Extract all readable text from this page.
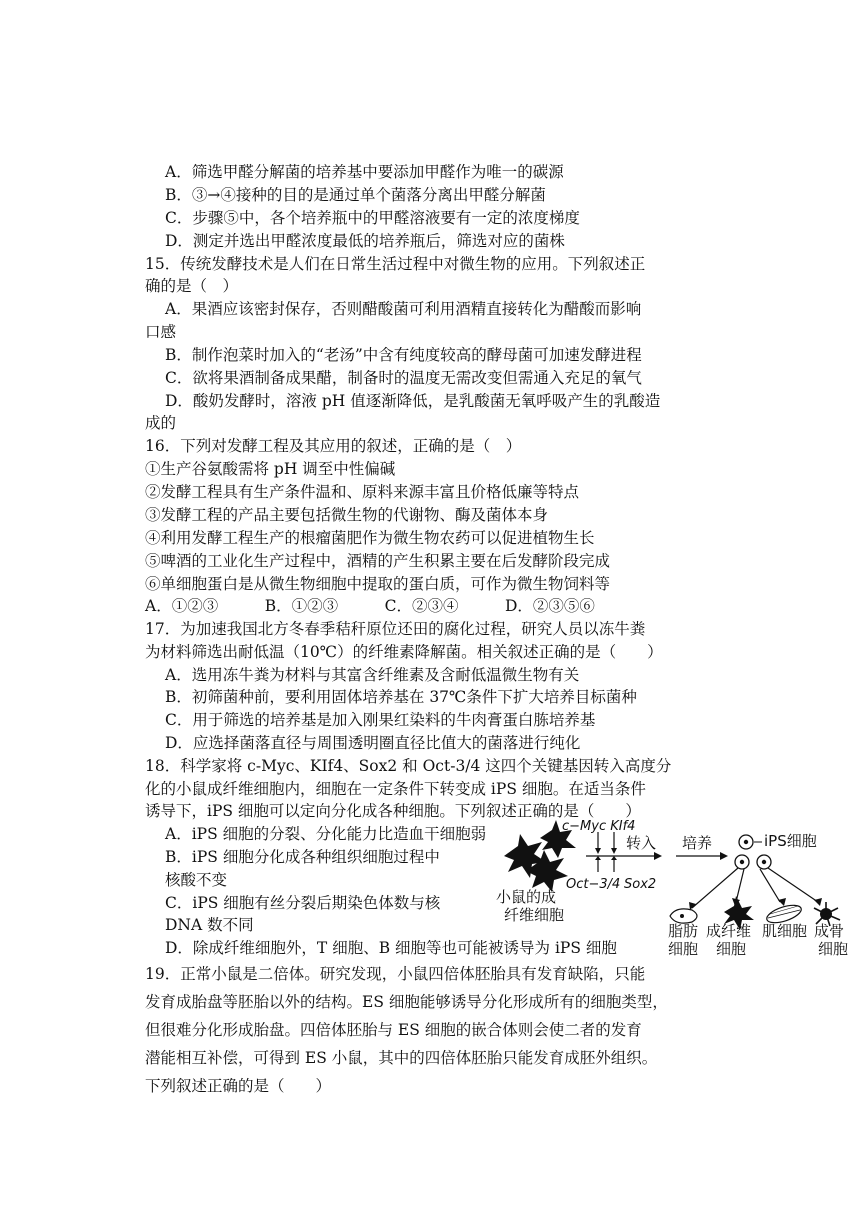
A．筛选甲醛分解菌的培养基中要添加甲醛作为唯一的碳源
B．③→④接种的目的是通过单个菌落分离出甲醛分解菌
C．步骤⑤中，各个培养瓶中的甲醛溶液要有一定的浓度梯度
D．测定并选出甲醛浓度最低的培养瓶后，筛选对应的菌株
15．传统发酵技术是人们在日常生活过程中对微生物的应用。下列叙述正
确的是（　）
A．果酒应该密封保存，否则醋酸菌可利用酒精直接转化为醋酸而影响
口感
B．制作泡菜时加入的“老汤”中含有纯度较高的酵母菌可加速发酵进程
C．欲将果酒制备成果醋，制备时的温度无需改变但需通入充足的氧气
D．酸奶发酵时，溶液 pH 值逐渐降低，是乳酸菌无氧呼吸产生的乳酸造
成的
16．下列对发酵工程及其应用的叙述，正确的是（　）
①生产谷氨酸需将 pH 调至中性偏碱
②发酵工程具有生产条件温和、原料来源丰富且价格低廉等特点
③发酵工程的产品主要包括微生物的代谢物、酶及菌体本身
④利用发酵工程生产的根瘤菌肥作为微生物农药可以促进植物生长
⑤啤酒的工业化生产过程中，酒精的产生积累主要在后发酵阶段完成
⑥单细胞蛋白是从微生物细胞中提取的蛋白质，可作为微生物饲料等
A．①②③　　　B．①②③　　　C．②③④　　　D．②③⑤⑥
17．为加速我国北方冬春季秸秆原位还田的腐化过程，研究人员以冻牛粪
为材料筛选出耐低温（10℃）的纤维素降解菌。相关叙述正确的是（　　）
A．选用冻牛粪为材料与其富含纤维素及含耐低温微生物有关
B．初筛菌种前，要利用固体培养基在 37℃条件下扩大培养目标菌种
C．用于筛选的培养基是加入刚果红染料的牛肉膏蛋白胨培养基
D．应选择菌落直径与周围透明圈直径比值大的菌落进行纯化
18．科学家将 c-Myc、KIf4、Sox2 和 Oct-3/4 这四个关键基因转入高度分
化的小鼠成纤维细胞内，细胞在一定条件下转变成 iPS 细胞。在适当条件
诱导下，iPS 细胞可以定向分化成各种细胞。下列叙述正确的是（　　）
A．iPS 细胞的分裂、分化能力比造血干细胞弱
B．iPS 细胞分化成各种组织细胞过程中
核酸不变
C．iPS 细胞有丝分裂后期染色体数与核
DNA 数不同
D．除成纤维细胞外，T 细胞、B 细胞等也可能被诱导为 iPS 细胞
小鼠的成
纤维细胞
c−Myc KIf4
转入
Oct−3/4 Sox2
培养	iPS细胞
脂肪
细胞
成纤维
细胞
肌细胞 成骨
细胞
19．正常小鼠是二倍体。研究发现，小鼠四倍体胚胎具有发育缺陷，只能
发育成胎盘等胚胎以外的结构。ES 细胞能够诱导分化形成所有的细胞类型，
但很难分化形成胎盘。四倍体胚胎与 ES 细胞的嵌合体则会使二者的发育
潜能相互补偿，可得到 ES 小鼠，其中的四倍体胚胎只能发育成胚外组织。
下列叙述正确的是（　　）
